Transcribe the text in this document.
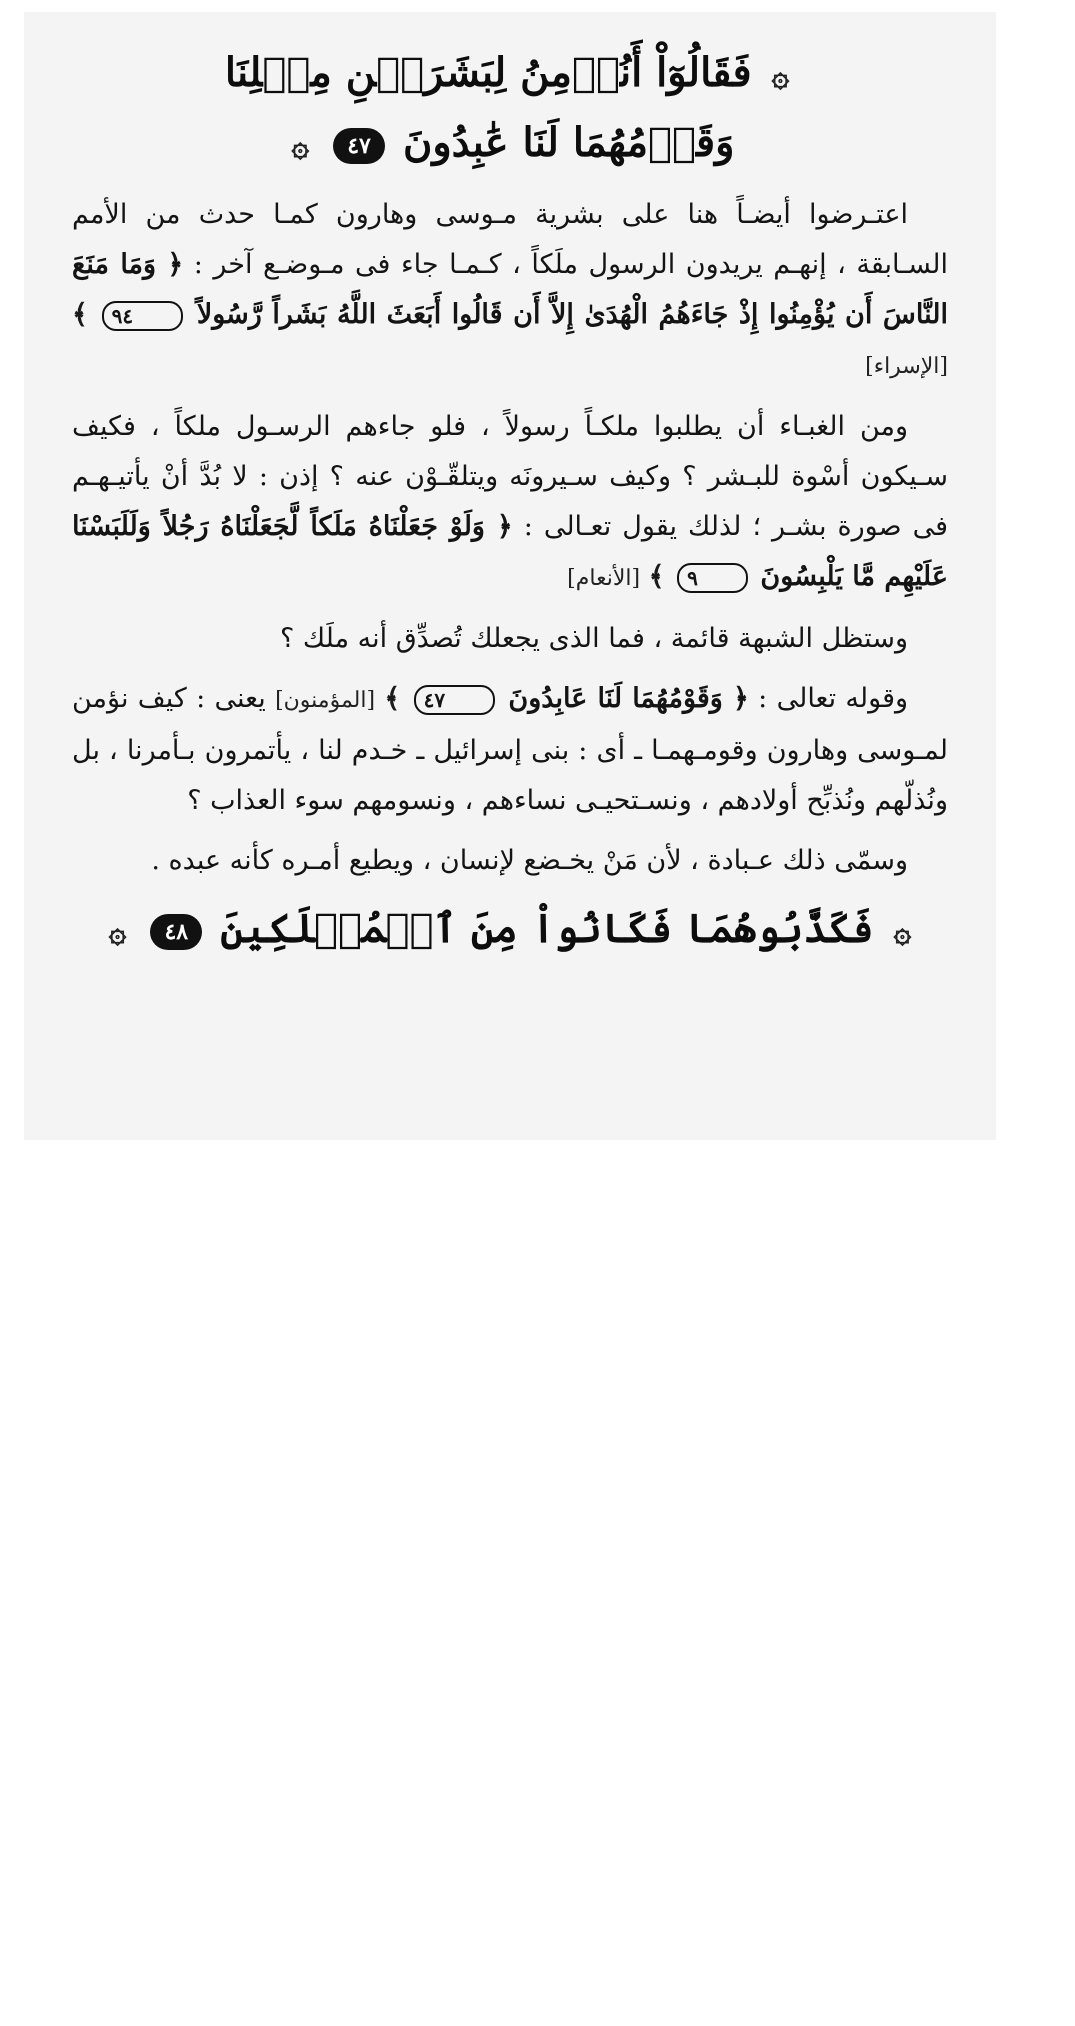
۞ فَقَالُوٓاْ أَنُؤۡمِنُ لِبَشَرَيۡنِ مِثۡلِنَا
وَقَوۡمُهُمَا لَنَا عَٰبِدُونَ ٤٧ ۞

اعتـرضوا أيضـاً هنا على بشرية مـوسى وهارون كمـا حدث من الأمم السـابقة ، إنهـم يريدون الرسول ملَكاً ، كـمـا جاء فى مـوضـع آخر : ﴿ وَمَا مَنَعَ النَّاسَ أَن يُؤْمِنُوا إِذْ جَاءَهُمُ الْهُدَىٰ إِلاَّ أَن قَالُوا أَبَعَثَ اللَّهُ بَشَراً رَّسُولاً ٩٤ ﴾ [الإسراء]

ومن الغبـاء أن يطلبوا ملكـاً رسولاً ، فلو جاءهم الرسـول ملكاً ، فكيف سـيكون أسْوة للبـشر ؟ وكيف سـيرونَه ويتلقّـوْن عنه ؟ إذن : لا بُدَّ أنْ يأتيـهـم فى صورة بشـر ؛ لذلك يقول تعـالى : ﴿ وَلَوْ جَعَلْنَاهُ مَلَكاً لَّجَعَلْنَاهُ رَجُلاً وَلَلَبَسْنَا عَلَيْهِم مَّا يَلْبِسُونَ ٩ ﴾ [الأنعام]

وستظل الشبهة قائمة ، فما الذى يجعلك تُصدِّق أنه ملَك ؟

وقوله تعالى : ﴿ وَقَوْمُهُمَا لَنَا عَابِدُونَ ٤٧ ﴾ [المؤمنون] يعنى : كيف نؤمن لمـوسى وهارون وقومـهمـا ـ أى : بنى إسرائيل ـ خـدم لنا ، يأتمرون بـأمرنا ، بل ونُذلّهم ونُذبِّح أولادهم ، ونسـتحيـى نساءهم ، ونسومهم سوء العذاب ؟

وسمّى ذلك عـبادة ، لأن مَنْ يخـضع لإنسان ، ويطيع أمـره كأنه عبده .

۞ فَكَذَّبُوهُمَا فَكَانُواْ مِنَ ٱلۡمُهۡلَكِينَ ٤٨ ۞
